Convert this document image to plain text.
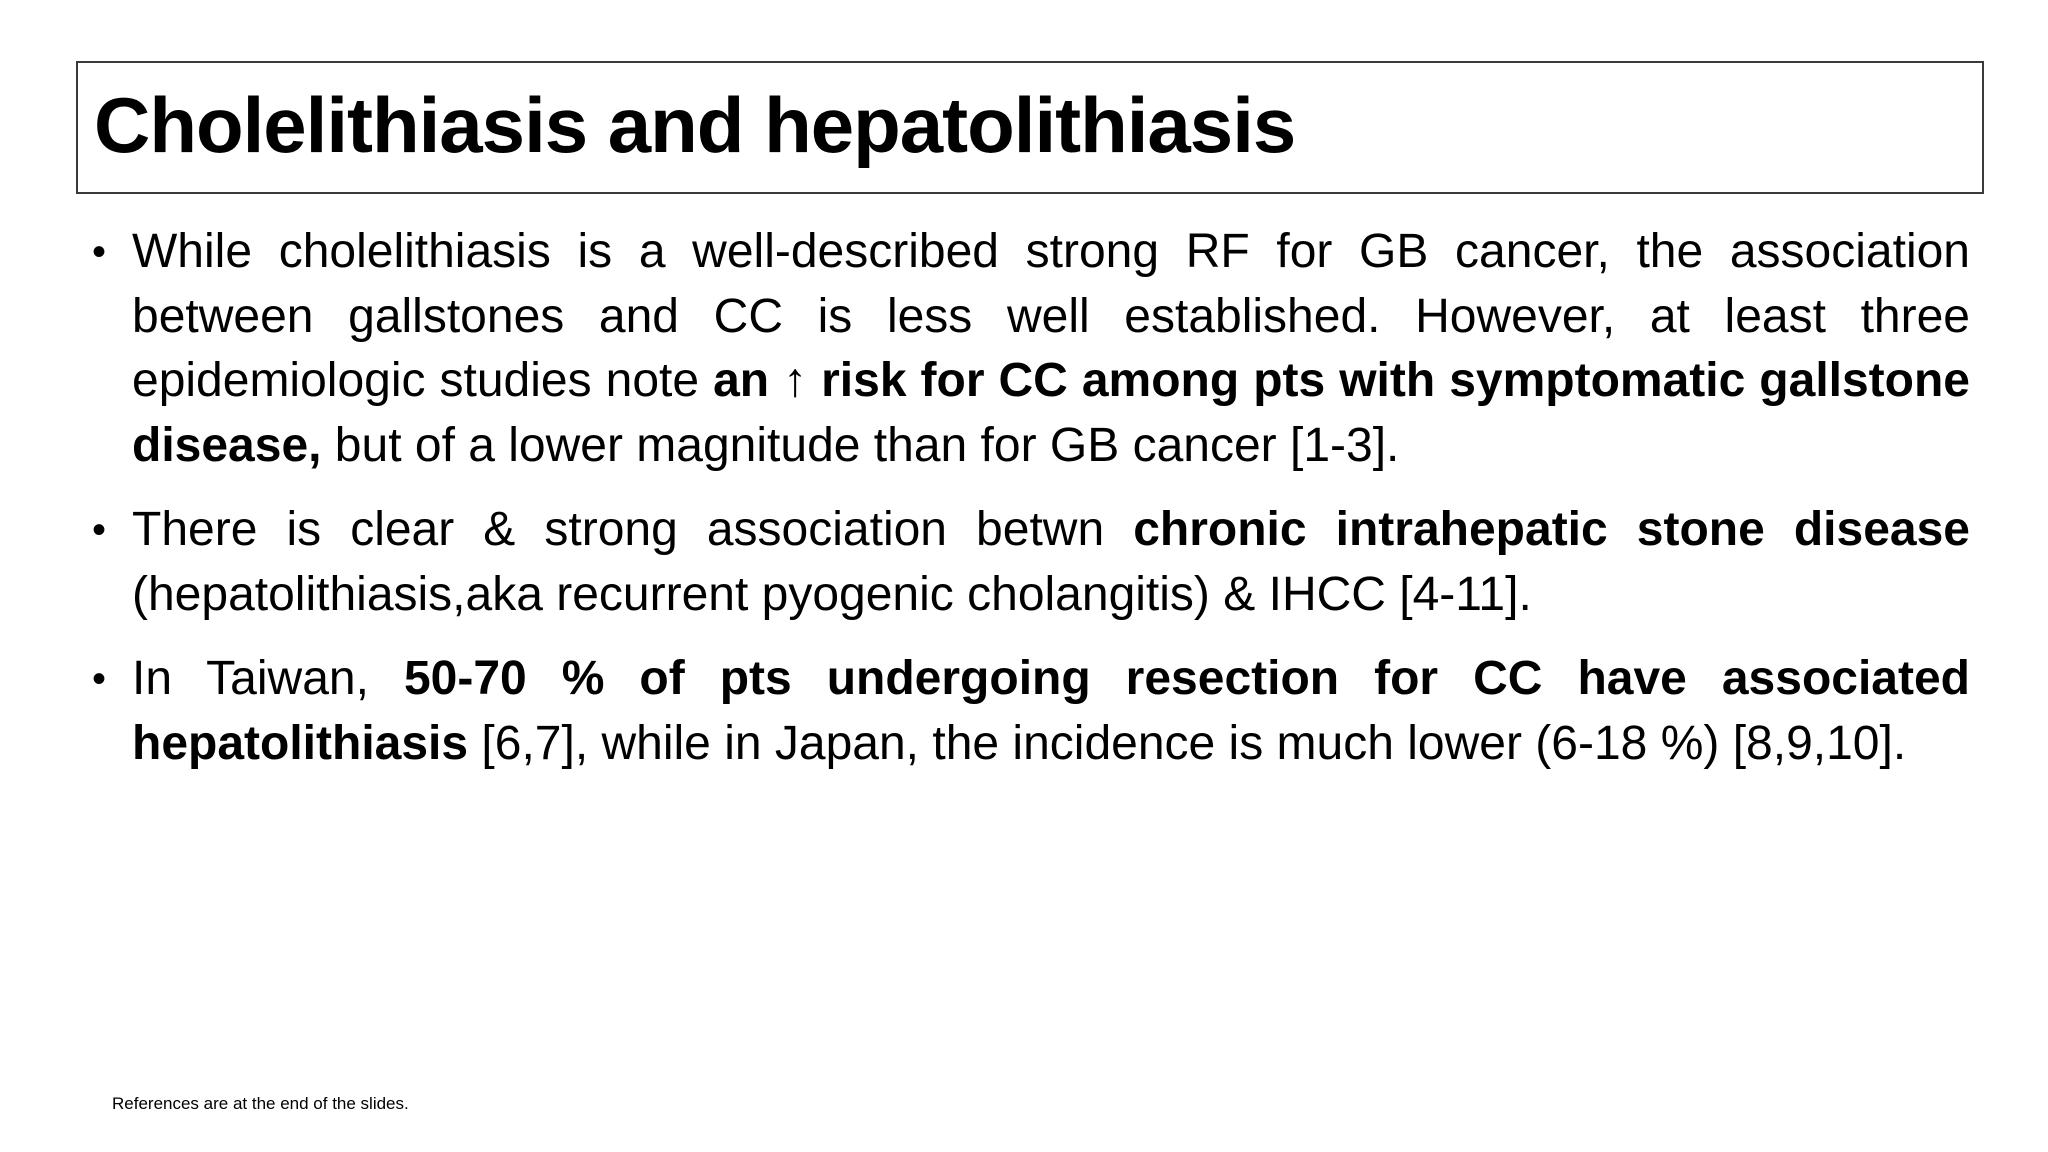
Cholelithiasis and hepatolithiasis
• While cholelithiasis is a well-described strong RF for GB cancer, the association between gallstones and CC is less well established. However, at least three epidemiologic studies note an ↑ risk for CC among pts with symptomatic gallstone disease, but of a lower magnitude than for GB cancer [1-3].
• There is clear & strong association betwn chronic intrahepatic stone disease (hepatolithiasis,aka recurrent pyogenic cholangitis) & IHCC [4-11].
• In Taiwan, 50-70 % of pts undergoing resection for CC have associated hepatolithiasis [6,7], while in Japan, the incidence is much lower (6-18 %) [8,9,10].
References are at the end of the slides.
